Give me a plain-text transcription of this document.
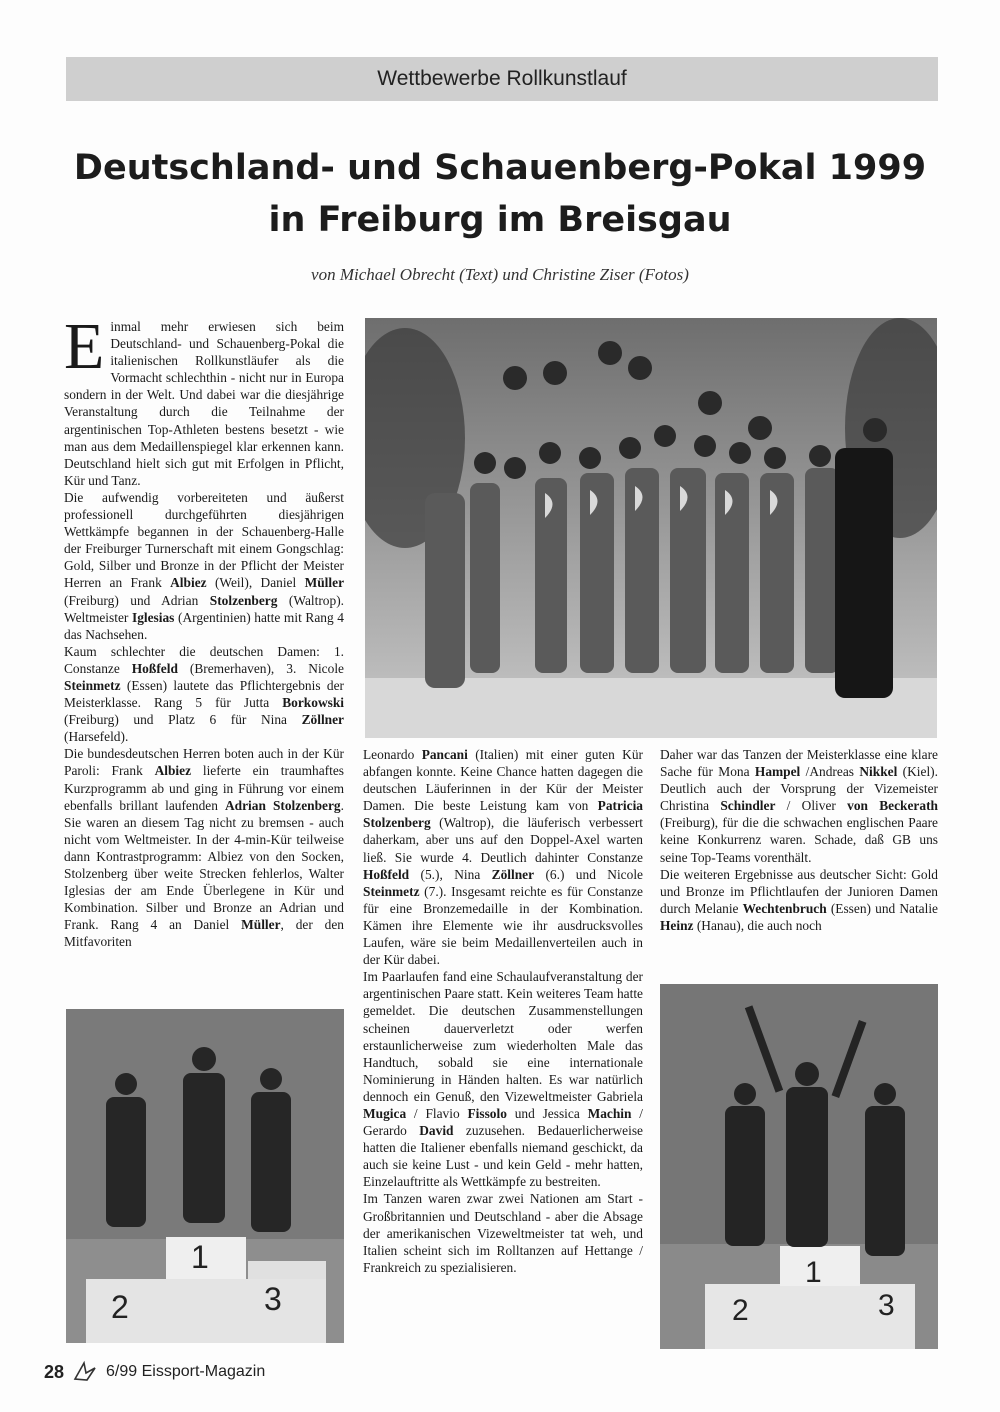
Wettbewerbe Rollkunstlauf
Deutschland- und Schauenberg-Pokal 1999
in Freiburg im Breisgau
von Michael Obrecht (Text) und Christine Ziser (Fotos)

Einmal mehr erwiesen sich beim Deutschland- und Schauenberg-Pokal die italienischen Rollkunstläufer als die Vormacht schlechthin - nicht nur in Europa sondern in der Welt. Und dabei war die diesjährige Veranstaltung durch die Teilnahme der argentinischen Top-Athleten bestens besetzt - wie man aus dem Medaillenspiegel klar erkennen kann. Deutschland hielt sich gut mit Erfolgen in Pflicht, Kür und Tanz.

Die aufwendig vorbereiteten und äußerst professionell durchgeführten diesjährigen Wettkämpfe begannen in der Schauenberg-Halle der Freiburger Turnerschaft mit einem Gongschlag: Gold, Silber und Bronze in der Pflicht der Meister Herren an Frank Albiez (Weil), Daniel Müller (Freiburg) und Adrian Stolzenberg (Waltrop). Weltmeister Iglesias (Argentinien) hatte mit Rang 4 das Nachsehen.

Kaum schlechter die deutschen Damen: 1. Constanze Hoßfeld (Bremerhaven), 3. Nicole Steinmetz (Essen) lautete das Pflichtergebnis der Meisterklasse. Rang 5 für Jutta Borkowski (Freiburg) und Platz 6 für Nina Zöllner (Harsefeld).

Die bundesdeutschen Herren boten auch in der Kür Paroli: Frank Albiez lieferte ein traumhaftes Kurzprogramm ab und ging in Führung vor einem ebenfalls brillant laufenden Adrian Stolzenberg. Sie waren an diesem Tag nicht zu bremsen - auch nicht vom Weltmeister. In der 4-min-Kür teilweise dann Kontrastprogramm: Albiez von den Socken, Stolzenberg über weite Strecken fehlerlos, Walter Iglesias der am Ende Überlegene in Kür und Kombination. Silber und Bronze an Adrian und Frank. Rang 4 an Daniel Müller, der den Mitfavoriten

Leonardo Pancani (Italien) mit einer guten Kür abfangen konnte. Keine Chance hatten dagegen die deutschen Läuferinnen in der Kür der Meister Damen. Die beste Leistung kam von Patricia Stolzenberg (Waltrop), die läuferisch verbessert daherkam, aber uns auf den Doppel-Axel warten ließ. Sie wurde 4. Deutlich dahinter Constanze Hoßfeld (5.), Nina Zöllner (6.) und Nicole Steinmetz (7.). Insgesamt reichte es für Constanze für eine Bronzemedaille in der Kombination. Kämen ihre Elemente wie ihr ausdrucksvolles Laufen, wäre sie beim Medaillenverteilen auch in der Kür dabei.

Im Paarlaufen fand eine Schaulaufveranstaltung der argentinischen Paare statt. Kein weiteres Team hatte gemeldet. Die deutschen Zusammenstellungen scheinen dauerverletzt oder werfen erstaunlicherweise zum wiederholten Male das Handtuch, sobald sie eine internationale Nominierung in Händen halten. Es war natürlich dennoch ein Genuß, den Vizeweltmeister Gabriela Mugica / Flavio Fissolo und Jessica Machin / Gerardo David zuzusehen. Bedauerlicherweise hatten die Italiener ebenfalls niemand geschickt, da auch sie keine Lust - und kein Geld - mehr hatten, Einzelauftritte als Wettkämpfe zu bestreiten.

Im Tanzen waren zwar zwei Nationen am Start - Großbritannien und Deutschland - aber die Absage der amerikanischen Vizeweltmeister tat weh, und Italien scheint sich im Rolltanzen auf Hettange / Frankreich zu spezialisieren.

Daher war das Tanzen der Meisterklasse eine klare Sache für Mona Hampel /Andreas Nikkel (Kiel). Deutlich auch der Vorsprung der Vizemeister Christina Schindler / Oliver von Beckerath (Freiburg), für die die schwachen englischen Paare keine Konkurrenz waren. Schade, daß GB uns seine Top-Teams vorenthält.

Die weiteren Ergebnisse aus deutscher Sicht: Gold und Bronze im Pflichtlaufen der Junioren Damen durch Melanie Wechtenbruch (Essen) und Natalie Heinz (Hanau), die auch noch

1
2	3
1
2	3
28	6/99 Eissport-Magazin
